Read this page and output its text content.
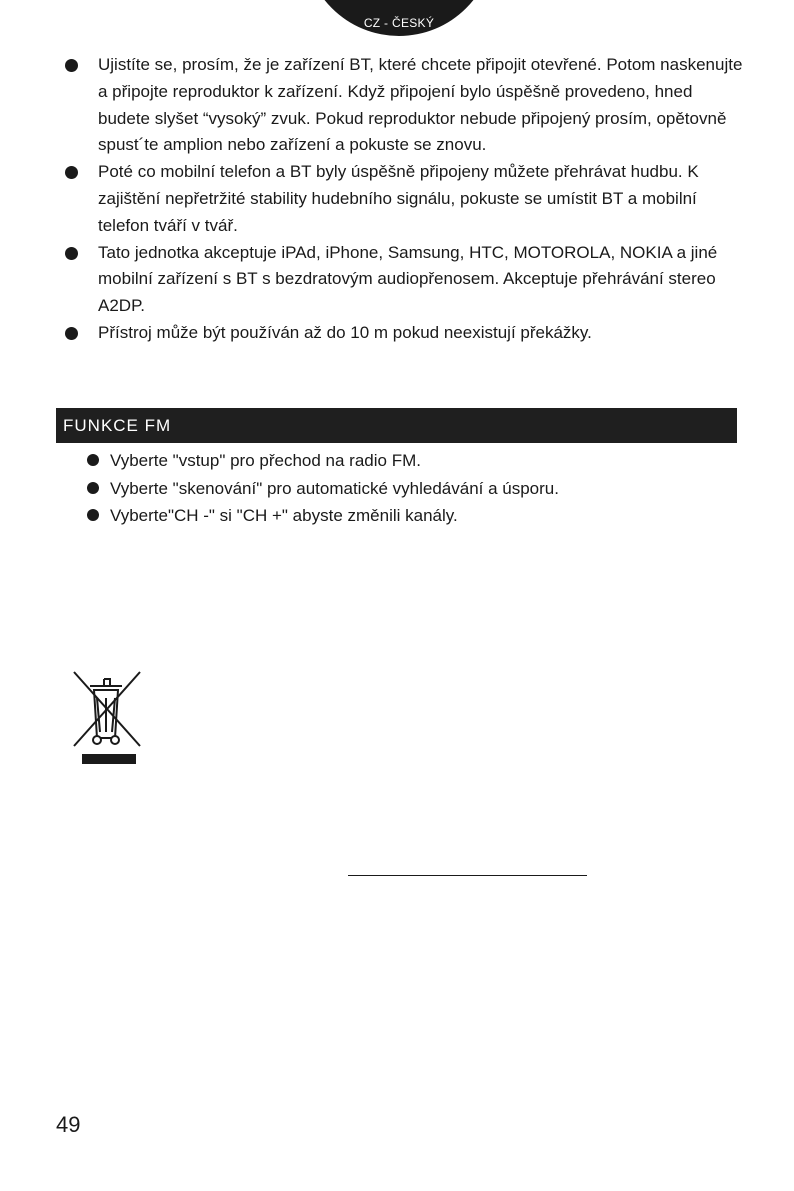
CZ - ČESKÝ
Ujistíte se, prosím, že je zařízení BT, které chcete připojit otevřené. Potom naskenujte a připojte reproduktor k zařízení. Když připojení bylo úspěšně provedeno, hned budete slyšet “vysoký” zvuk. Pokud reproduktor nebude připojený prosím, opětovně spust´te amplion nebo zařízení a pokuste se znovu.
Poté co mobilní telefon a BT byly úspěšně připojeny můžete přehrávat hudbu. K zajištění nepřetržité stability hudebního signálu, pokuste se umístit BT a mobilní telefon tváří v tvář.
Tato jednotka akceptuje iPAd, iPhone, Samsung, HTC, MOTOROLA, NOKIA a jiné mobilní zařízení s BT s bezdratovým audiopřenosem. Akceptuje přehrávání stereo A2DP.
Přístroj může být používán až do 10 m pokud neexistují překážky.
FUNKCE FM
Vyberte "vstup" pro přechod na radio FM.
Vyberte "skenování" pro automatické vyhledávání a úsporu.
Vyberte"CH -" si "CH +" abyste změnili kanály.
49
